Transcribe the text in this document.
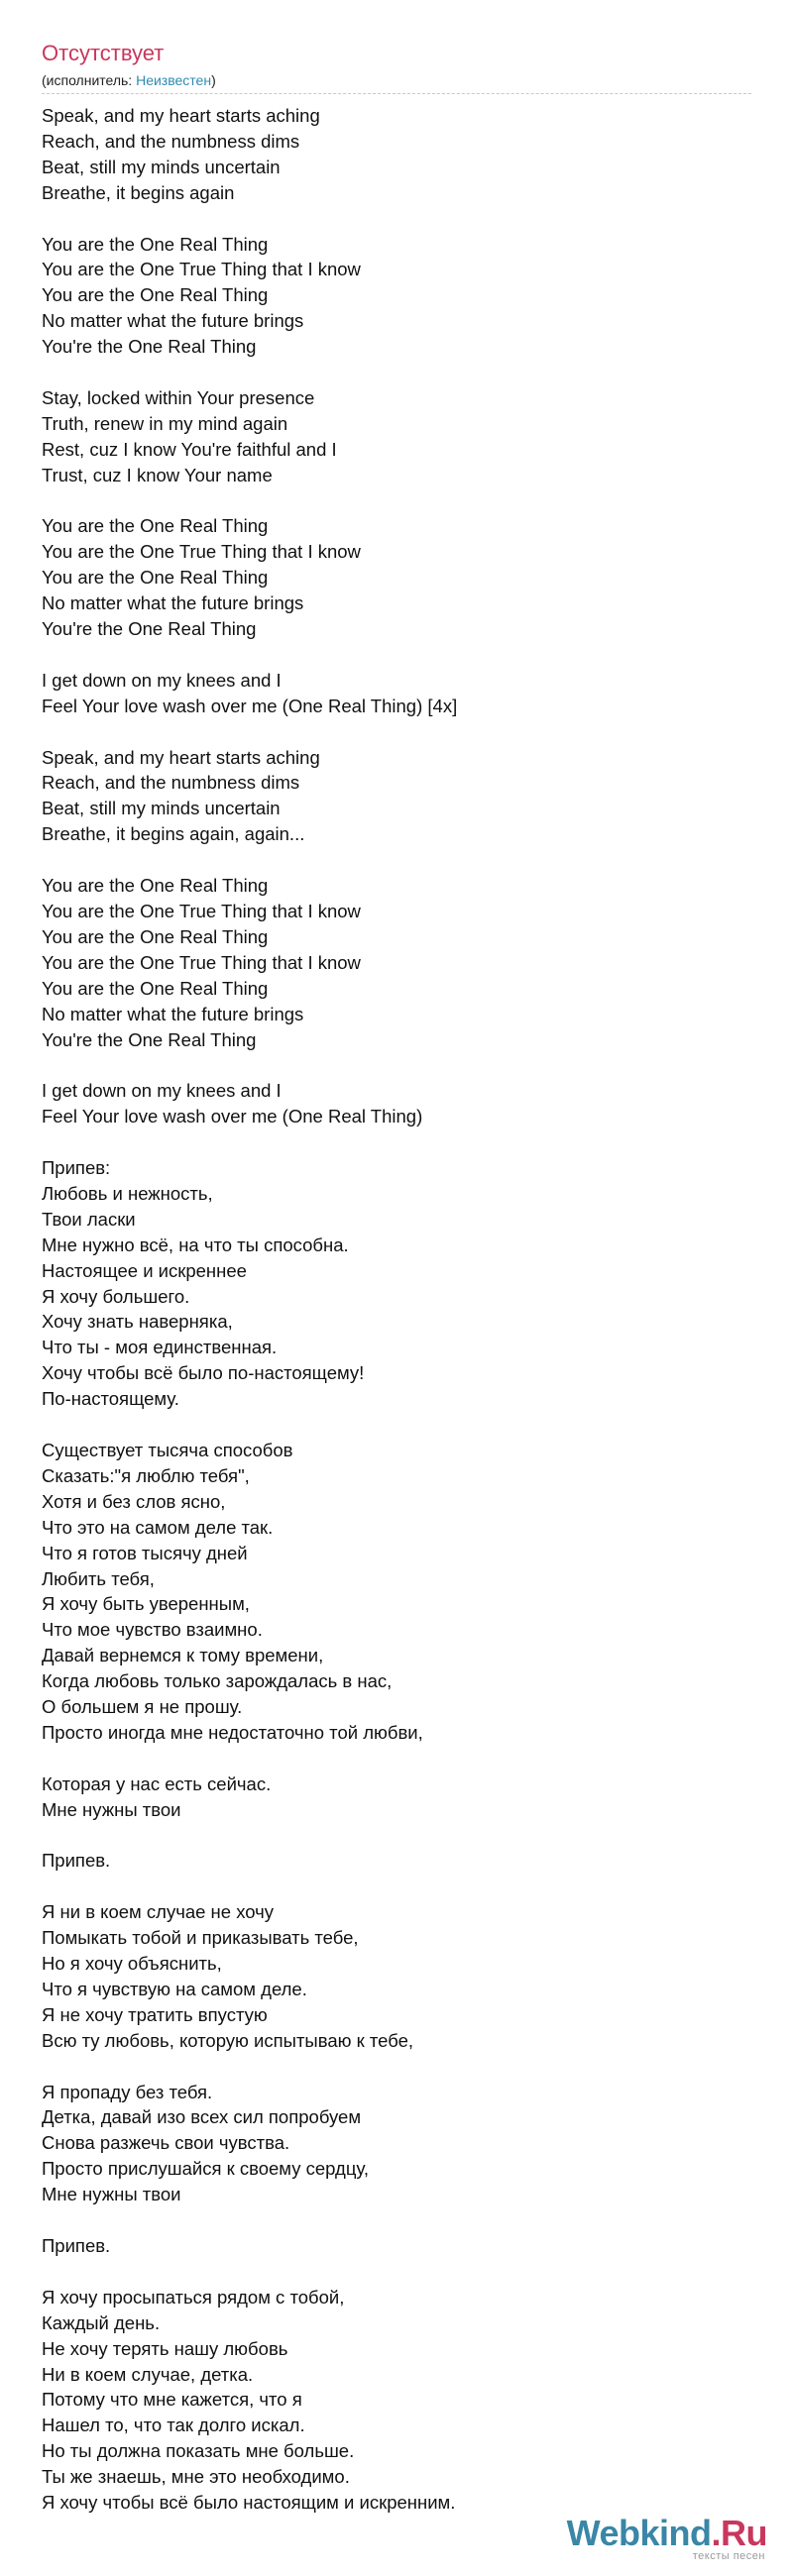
Отсутствует
(исполнитель: Неизвестен)
Speak, and my heart starts aching
Reach, and the numbness dims
Beat, still my minds uncertain
Breathe, it begins again
You are the One Real Thing
You are the One True Thing that I know
You are the One Real Thing
No matter what the future brings
You're the One Real Thing
Stay, locked within Your presence
Truth, renew in my mind again
Rest, cuz I know You're faithful and I
Trust, cuz I know Your name
You are the One Real Thing
You are the One True Thing that I know
You are the One Real Thing
No matter what the future brings
You're the One Real Thing
I get down on my knees and I
Feel Your love wash over me (One Real Thing) [4x]
Speak, and my heart starts aching
Reach, and the numbness dims
Beat, still my minds uncertain
Breathe, it begins again, again...
You are the One Real Thing
You are the One True Thing that I know
You are the One Real Thing
You are the One True Thing that I know
You are the One Real Thing
No matter what the future brings
You're the One Real Thing
I get down on my knees and I
Feel Your love wash over me (One Real Thing)
Припев:
Любовь и нежность,
Твои ласки
Мне нужно всё, на что ты способна.
Настоящее и искреннее
Я хочу большего.
Хочу знать наверняка,
Что ты - моя единственная.
Хочу чтобы всё было по-настоящему!
По-настоящему.
Существует тысяча способов
Сказать:"я люблю тебя",
Хотя и без слов ясно,
Что это на самом деле так.
Что я готов тысячу дней
Любить тебя,
Я хочу быть уверенным,
Что мое чувство взаимно.
Давай вернемся к тому времени,
Когда любовь только зарождалась в нас,
О большем я не прошу.
Просто иногда мне недостаточно той любви,
Которая у нас есть сейчас.
Мне нужны твои
Припев.
Я ни в коем случае не хочу
Помыкать тобой и приказывать тебе,
Но я хочу объяснить,
Что я чувствую на самом деле.
Я не хочу тратить впустую
Всю ту любовь, которую испытываю к тебе,
Я пропаду без тебя.
Детка, давай изо всех сил попробуем
Снова разжечь свои чувства.
Просто прислушайся к своему сердцу,
Мне нужны твои
Припев.
Я хочу просыпаться рядом с тобой,
Каждый день.
Не хочу терять нашу любовь
Ни в коем случае, детка.
Потому что мне кажется, что я
Нашел то, что так долго искал.
Но ты должна показать мне больше.
Ты же знаешь, мне это необходимо.
Я хочу чтобы всё было настоящим и искренним.
Webkind.Ru
тексты песен
